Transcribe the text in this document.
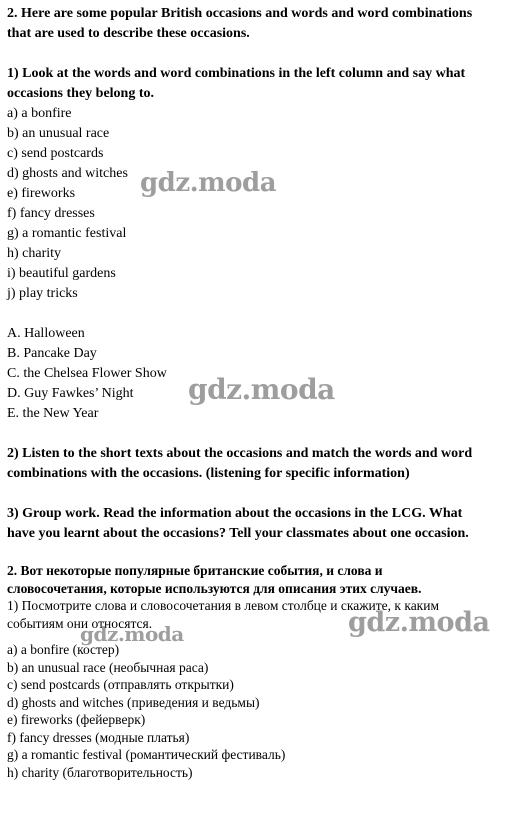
2. Here are some popular British occasions and words and word combinations
that are used to describe these occasions.
1) Look at the words and word combinations in the left column and say what
occasions they belong to.
a) a bonfire
b) an unusual race
c) send postcards
d) ghosts and witches
e) fireworks
f) fancy dresses
g) a romantic festival
h) charity
i) beautiful gardens
j) play tricks
A. Halloween
B. Pancake Day
C. the Chelsea Flower Show
D. Guy Fawkes’ Night
E. the New Year
2) Listen to the short texts about the occasions and match the words and word
combinations with the occasions. (listening for specific information)
3) Group work. Read the information about the occasions in the LCG. What
have you learnt about the occasions? Tell your classmates about one occasion.
2. Вот некоторые популярные британские события, и слова и
словосочетания, которые используются для описания этих случаев.
1) Посмотрите слова и словосочетания в левом столбце и скажите, к каким
событиям они относятся.
a) a bonfire (костер)
b) an unusual race (необычная раса)
c) send postcards (отправлять открытки)
d) ghosts and witches (приведения и ведьмы)
e) fireworks (фейерверк)
f) fancy dresses (модные платья)
g) a romantic festival (романтический фестиваль)
h) charity (благотворительность)
gdz.moda
gdz.moda
gdz.moda
gdz.moda
